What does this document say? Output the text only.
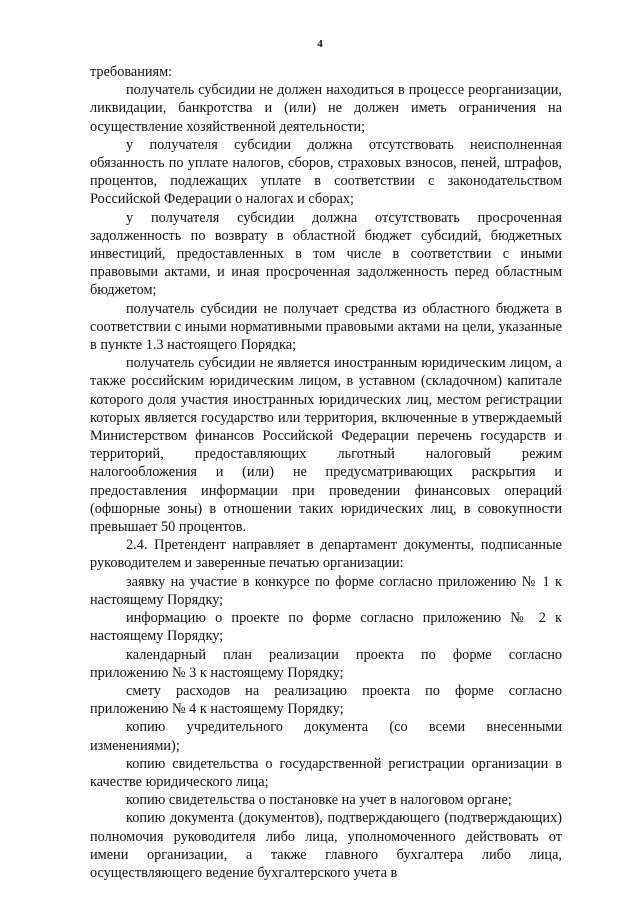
4

требованиям:

получатель субсидии не должен находиться в процессе реорганизации, ликвидации, банкротства и (или) не должен иметь ограничения на осуществление хозяйственной деятельности;

у получателя субсидии должна отсутствовать неисполненная обязанность по уплате налогов, сборов, страховых взносов, пеней, штрафов, процентов, подлежащих уплате в соответствии с законодательством Российской Федерации о налогах и сборах;

у получателя субсидии должна отсутствовать просроченная задолженность по возврату в областной бюджет субсидий, бюджетных инвестиций, предоставленных в том числе в соответствии с иными правовыми актами, и иная просроченная задолженность перед областным бюджетом;

получатель субсидии не получает средства из областного бюджета в соответствии с иными нормативными правовыми актами на цели, указанные в пункте 1.3 настоящего Порядка;

получатель субсидии не является иностранным юридическим лицом, а также российским юридическим лицом, в уставном (складочном) капитале которого доля участия иностранных юридических лиц, местом регистрации которых является государство или территория, включенные в утверждаемый Министерством финансов Российской Федерации перечень государств и территорий, предоставляющих льготный налоговый режим налогообложения и (или) не предусматривающих раскрытия и предоставления информации при проведении финансовых операций (офшорные зоны) в отношении таких юридических лиц, в совокупности превышает 50 процентов.

2.4. Претендент направляет в департамент документы, подписанные руководителем и заверенные печатью организации:

заявку на участие в конкурсе по форме согласно приложению № 1 к настоящему Порядку;

информацию о проекте по форме согласно приложению № 2 к настоящему Порядку;

календарный план реализации проекта по форме согласно приложению № 3 к настоящему Порядку;

смету расходов на реализацию проекта по форме согласно приложению № 4 к настоящему Порядку;

копию учредительного документа (со всеми внесенными изменениями);

копию свидетельства о государственной регистрации организации в качестве юридического лица;

копию свидетельства о постановке на учет в налоговом органе;

копию документа (документов), подтверждающего (подтверждающих) полномочия руководителя либо лица, уполномоченного действовать от имени организации, а также главного бухгалтера либо лица, осуществляющего ведение бухгалтерского учета в
